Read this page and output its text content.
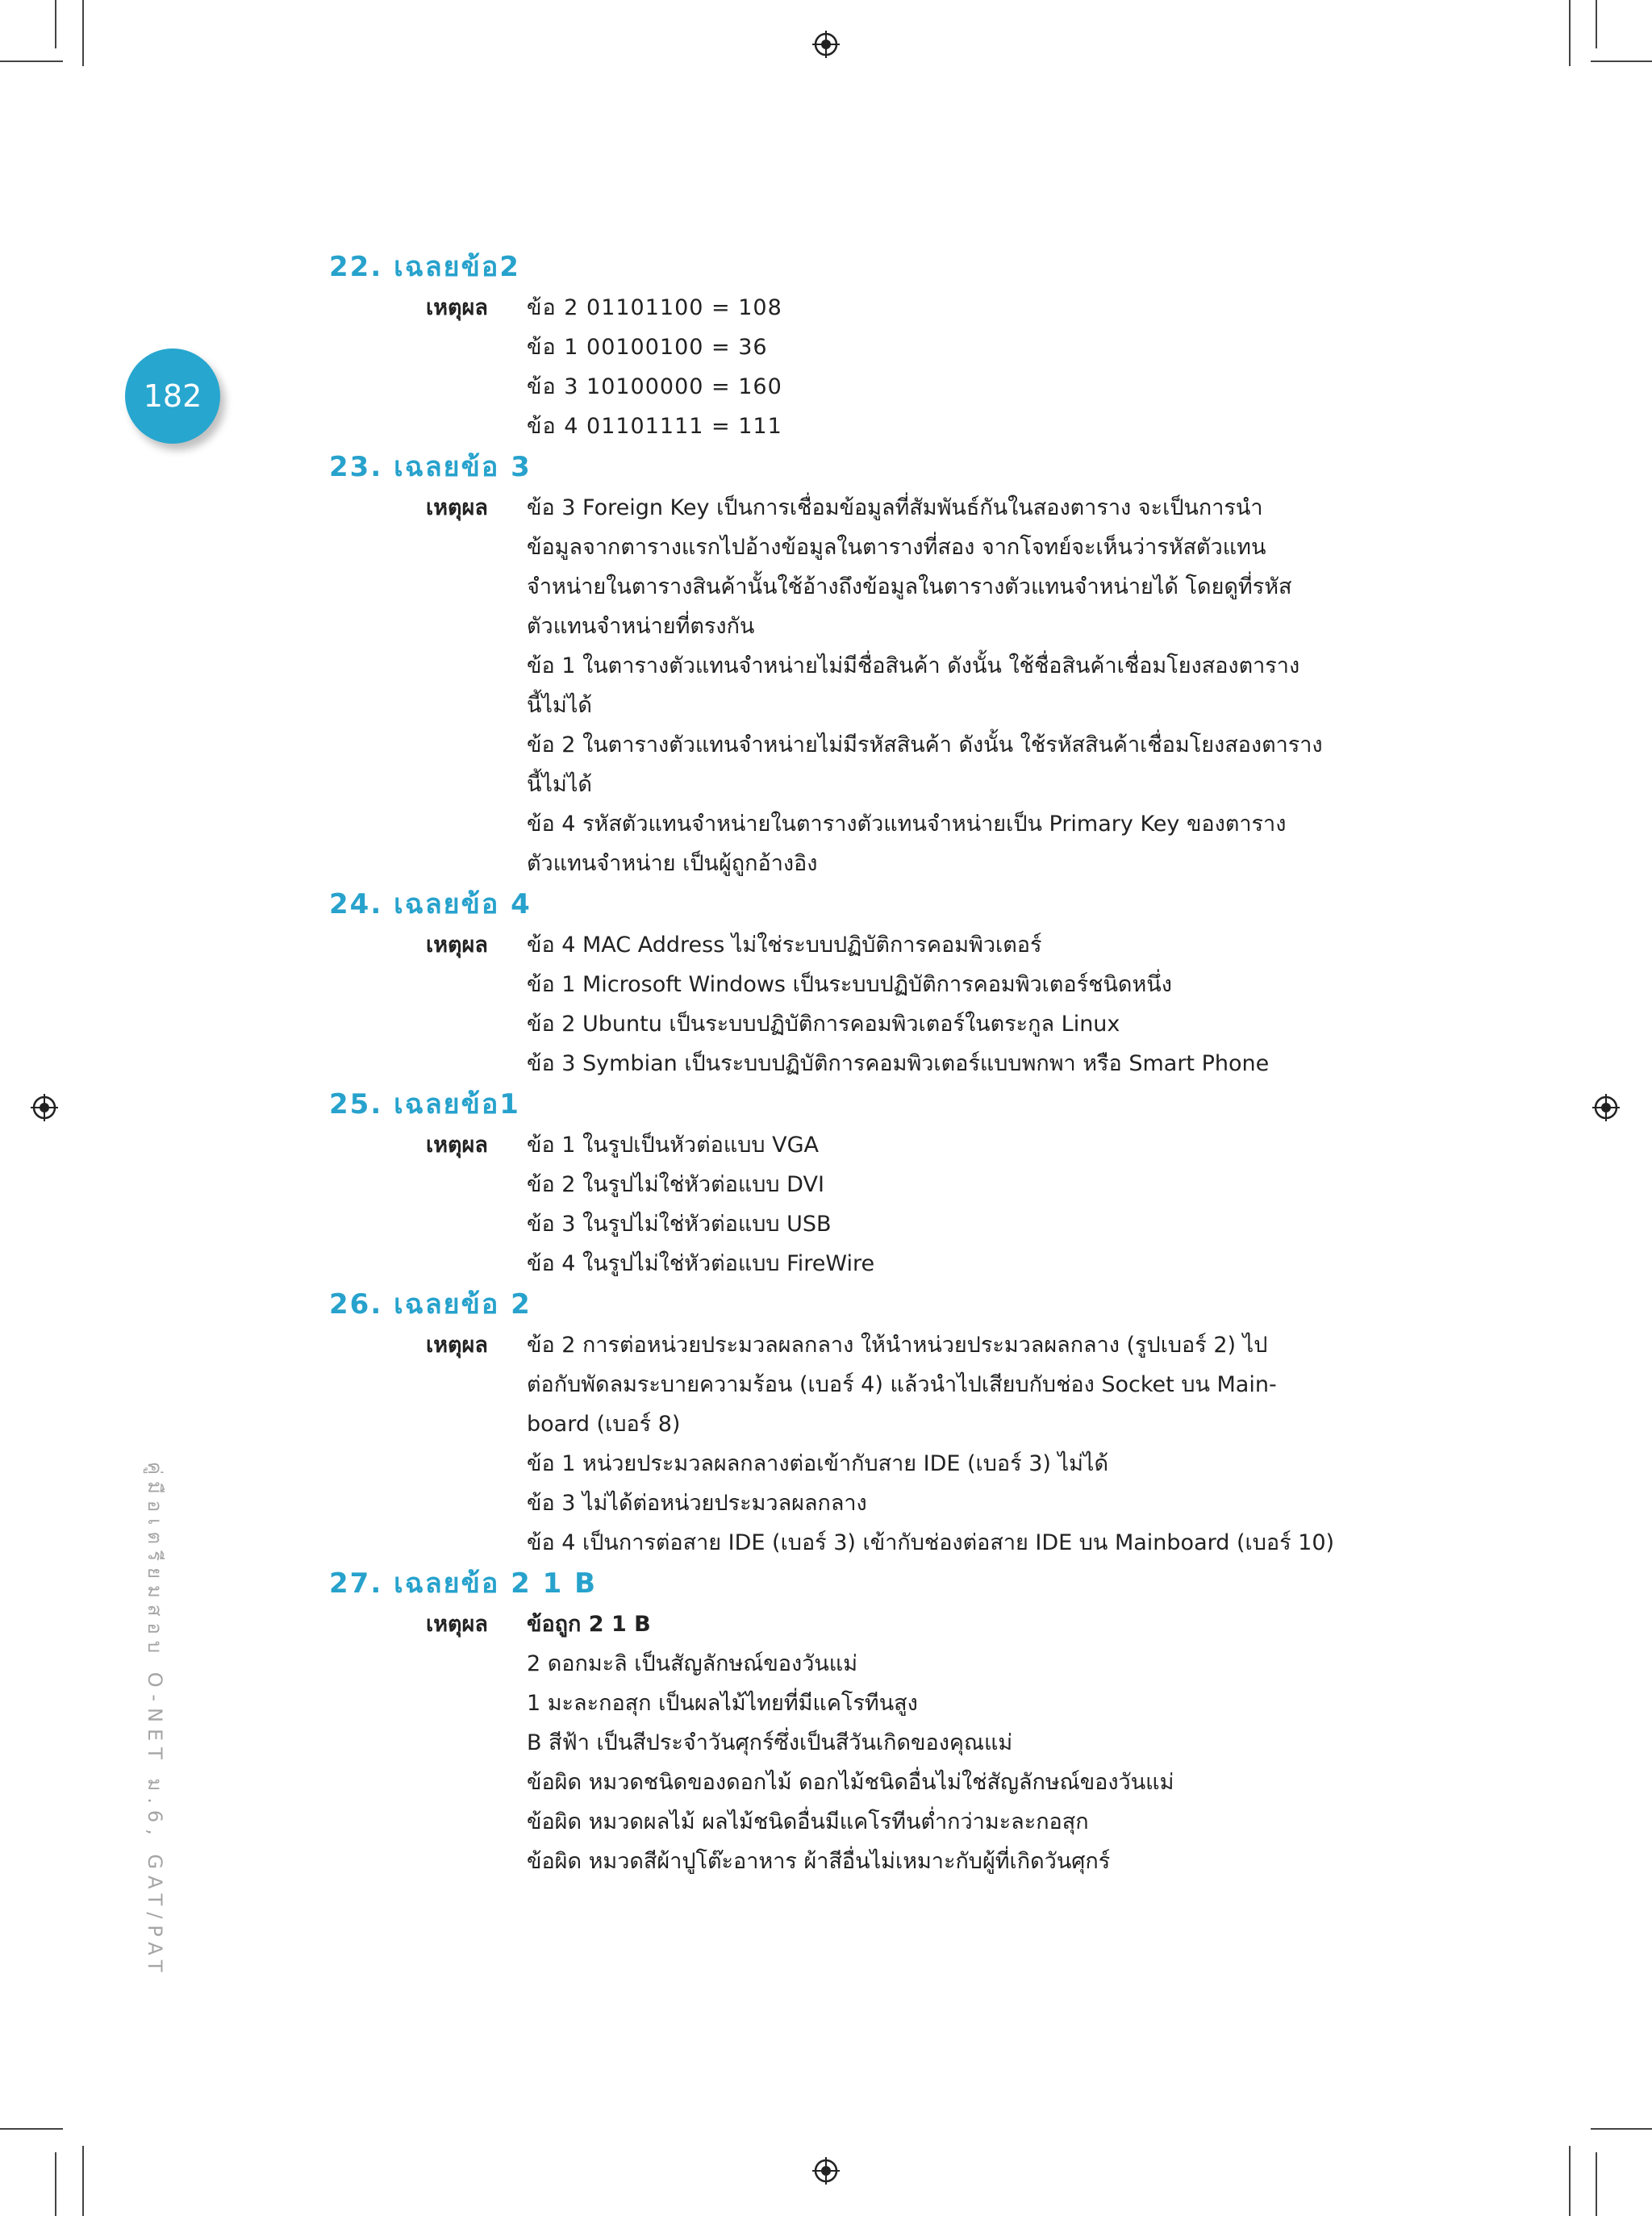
182
คู่มือเตรียมสอบ O-NET ม.6, GAT/PAT
22. เฉลยข้อ2
เหตุผล ข้อ 2 01101100 = 108
ข้อ 1 00100100 = 36
ข้อ 3 10100000 = 160
ข้อ 4 01101111 = 111
23. เฉลยข้อ 3
เหตุผล ข้อ 3 Foreign Key เป็นการเชื่อมข้อมูลที่สัมพันธ์กันในสองตาราง จะเป็นการนำ
ข้อมูลจากตารางแรกไปอ้างข้อมูลในตารางที่สอง จากโจทย์จะเห็นว่ารหัสตัวแทน
จำหน่ายในตารางสินค้านั้นใช้อ้างถึงข้อมูลในตารางตัวแทนจำหน่ายได้ โดยดูที่รหัส
ตัวแทนจำหน่ายที่ตรงกัน
ข้อ 1 ในตารางตัวแทนจำหน่ายไม่มีชื่อสินค้า ดังนั้น ใช้ชื่อสินค้าเชื่อมโยงสองตาราง
นี้ไม่ได้
ข้อ 2 ในตารางตัวแทนจำหน่ายไม่มีรหัสสินค้า ดังนั้น ใช้รหัสสินค้าเชื่อมโยงสองตาราง
นี้ไม่ได้
ข้อ 4 รหัสตัวแทนจำหน่ายในตารางตัวแทนจำหน่ายเป็น Primary Key ของตาราง
ตัวแทนจำหน่าย เป็นผู้ถูกอ้างอิง
24. เฉลยข้อ 4
เหตุผล ข้อ 4 MAC Address ไม่ใช่ระบบปฏิบัติการคอมพิวเตอร์
ข้อ 1 Microsoft Windows เป็นระบบปฏิบัติการคอมพิวเตอร์ชนิดหนึ่ง
ข้อ 2 Ubuntu เป็นระบบปฏิบัติการคอมพิวเตอร์ในตระกูล Linux
ข้อ 3 Symbian เป็นระบบปฏิบัติการคอมพิวเตอร์แบบพกพา หรือ Smart Phone
25. เฉลยข้อ1
เหตุผล ข้อ 1 ในรูปเป็นหัวต่อแบบ VGA
ข้อ 2 ในรูปไม่ใช่หัวต่อแบบ DVI
ข้อ 3 ในรูปไม่ใช่หัวต่อแบบ USB
ข้อ 4 ในรูปไม่ใช่หัวต่อแบบ FireWire
26. เฉลยข้อ 2
เหตุผล ข้อ 2 การต่อหน่วยประมวลผลกลาง ให้นำหน่วยประมวลผลกลาง (รูปเบอร์ 2) ไป
ต่อกับพัดลมระบายความร้อน (เบอร์ 4) แล้วนำไปเสียบกับช่อง Socket บน Main-
board (เบอร์ 8)
ข้อ 1 หน่วยประมวลผลกลางต่อเข้ากับสาย IDE (เบอร์ 3) ไม่ได้
ข้อ 3 ไม่ได้ต่อหน่วยประมวลผลกลาง
ข้อ 4 เป็นการต่อสาย IDE (เบอร์ 3) เข้ากับช่องต่อสาย IDE บน Mainboard (เบอร์ 10)
27. เฉลยข้อ 2 1 B
เหตุผล ข้อถูก 2 1 B
2 ดอกมะลิ เป็นสัญลักษณ์ของวันแม่
1 มะละกอสุก เป็นผลไม้ไทยที่มีแคโรทีนสูง
B สีฟ้า เป็นสีประจำวันศุกร์ซึ่งเป็นสีวันเกิดของคุณแม่
ข้อผิด หมวดชนิดของดอกไม้ ดอกไม้ชนิดอื่นไม่ใช่สัญลักษณ์ของวันแม่
ข้อผิด หมวดผลไม้ ผลไม้ชนิดอื่นมีแคโรทีนต่ำกว่ามะละกอสุก
ข้อผิด หมวดสีผ้าปูโต๊ะอาหาร ผ้าสีอื่นไม่เหมาะกับผู้ที่เกิดวันศุกร์
